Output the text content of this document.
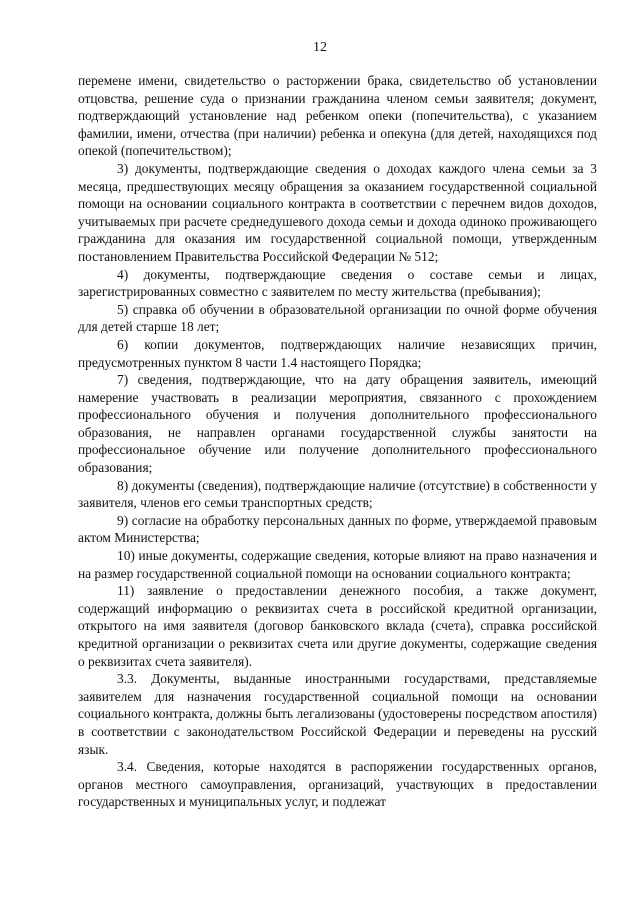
12

перемене имени, свидетельство о расторжении брака, свидетельство об установлении отцовства, решение суда о признании гражданина членом семьи заявителя; документ, подтверждающий установление над ребенком опеки (попечительства), с указанием фамилии, имени, отчества (при наличии) ребенка и опекуна (для детей, находящихся под опекой (попечительством);

3) документы, подтверждающие сведения о доходах каждого члена семьи за 3 месяца, предшествующих месяцу обращения за оказанием государственной социальной помощи на основании социального контракта в соответствии с перечнем видов доходов, учитываемых при расчете среднедушевого дохода семьи и дохода одиноко проживающего гражданина для оказания им государственной социальной помощи, утвержденным постановлением Правительства Российской Федерации № 512;

4) документы, подтверждающие сведения о составе семьи и лицах, зарегистрированных совместно с заявителем по месту жительства (пребывания);

5) справка об обучении в образовательной организации по очной форме обучения для детей старше 18 лет;

6) копии документов, подтверждающих наличие независящих причин, предусмотренных пунктом 8 части 1.4 настоящего Порядка;

7) сведения, подтверждающие, что на дату обращения заявитель, имеющий намерение участвовать в реализации мероприятия, связанного с прохождением профессионального обучения и получения дополнительного профессионального образования, не направлен органами государственной службы занятости на профессиональное обучение или получение дополнительного профессионального образования;

8) документы (сведения), подтверждающие наличие (отсутствие) в собственности у заявителя, членов его семьи транспортных средств;

9) согласие на обработку персональных данных по форме, утверждаемой правовым актом Министерства;

10) иные документы, содержащие сведения, которые влияют на право назначения и на размер государственной социальной помощи на основании социального контракта;

11) заявление о предоставлении денежного пособия, а также документ, содержащий информацию о реквизитах счета в российской кредитной организации, открытого на имя заявителя (договор банковского вклада (счета), справка российской кредитной организации о реквизитах счета или другие документы, содержащие сведения о реквизитах счета заявителя).

3.3. Документы, выданные иностранными государствами, представляемые заявителем для назначения государственной социальной помощи на основании социального контракта, должны быть легализованы (удостоверены посредством апостиля) в соответствии с законодательством Российской Федерации и переведены на русский язык.

3.4. Сведения, которые находятся в распоряжении государственных органов, органов местного самоуправления, организаций, участвующих в предоставлении государственных и муниципальных услуг, и подлежат
